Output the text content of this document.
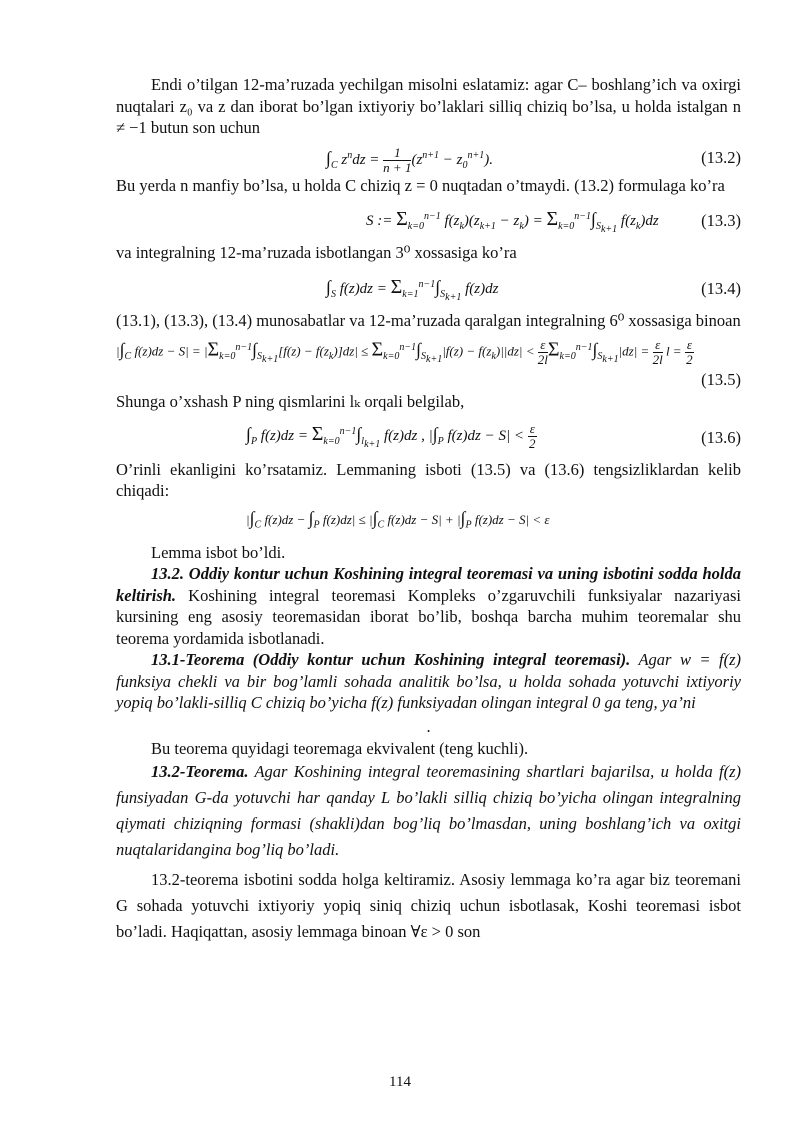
Endi o’tilgan 12-ma’ruzada yechilgan misolni eslatamiz: agar C– boshlang’ich va oxirgi nuqtalari z₀ va z dan iborat bo’lgan ixtiyoriy bo’laklari silliq chiziq bo’lsa, u holda istalgan n ≠ −1 butun son uchun

$\int_C$ $z^ndz = \frac{1}{n + 1} (z^{n+1} - z_0^{n+1})$.	(13.2)

Bu yerda n manfiy bo’lsa, u holda C chiziq z = 0 nuqtadan o’tmaydi. (13.2) formulaga ko’ra

S := $\Sigma_{k=0}^{n-1}$ $f(z_k)(z_{k+1} - z_k) = \Sigma_{k=0}^{n-1}\int_{S_{k+1}}$ $f(z_k)dz$	(13.3)

va integralning 12-ma’ruzada isbotlangan 3⁰ xossasiga ko’ra

$\int_S$ $f(z)dz = \Sigma_{k=1}^{n-1}\int_{S_{k+1}}$ f(z)dz	(13.4)

(13.1), (13.3), (13.4) munosabatlar va 12-ma’ruzada qaralgan integralning 6⁰ xossasiga binoan

$|\int_C$ $f(z)dz - S| = |\Sigma_{k=0}^{n-1}\int_{S_{k+1}}[f(z) - f(z_k)]dz| \le \Sigma_{k=0}^{n-1}\int_{S_{k+1}}|f(z) - f(z_k)||dz| < \frac{\varepsilon}{2l} \Sigma_{k=0}^{n-1}\int_{S_{k+1}}|dz| = \frac{\varepsilon}{2l}$ $l = \frac{\varepsilon}{2}$
(13.5)

Shunga o’xshash P ning qismlarini lₖ orqali belgilab,

$\int_P$ $f(z)dz = \Sigma_{k=0}^{n-1}\int_{l_{k+1}}$ f(z)dz , $|\int_P$ $f(z)dz - S| < \frac{\varepsilon}{2}$	(13.6)

O’rinli ekanligini ko’rsatamiz. Lemmaning isboti (13.5) va (13.6) tengsizliklardan kelib chiqadi:

$|\int_C$ $f(z)dz - \int_P$ $f(z)dz| \le |\int_C$ $f(z)dz - S| + |\int_P$ f(z)dz − S| < ε

Lemma isbot bo’ldi.

13.2. Oddiy kontur uchun Koshining integral teoremasi va uning isbotini sodda holda keltirish. Koshining integral teoremasi Kompleks o’zgaruvchili funksiyalar nazariyasi kursining eng asosiy teoremasidan iborat bo’lib, boshqa barcha muhim teoremalar shu teorema yordamida isbotlanadi.

13.1-Teorema (Oddiy kontur uchun Koshining integral teoremasi). Agar w = f(z) funksiya chekli va bir bog’lamli sohada analitik bo’lsa, u holda sohada yotuvchi ixtiyoriy yopiq bo’lakli-silliq C chiziq bo’yicha f(z) funksiyadan olingan integral 0 ga teng, ya’ni

.

Bu teorema quyidagi teoremaga ekvivalent (teng kuchli).

13.2-Teorema. Agar Koshining integral teoremasining shartlari bajarilsa, u holda f(z) funsiyadan G-da yotuvchi har qanday L bo’lakli silliq chiziq bo’yicha olingan integralning qiymati chiziqning formasi (shakli)dan bog’liq bo’lmasdan, uning boshlang’ich va oxitgi nuqtalaridangina bog’liq bo’ladi.

13.2-teorema isbotini sodda holga keltiramiz. Asosiy lemmaga ko’ra agar biz teoremani G sohada yotuvchi ixtiyoriy yopiq siniq chiziq uchun isbotlasak, Koshi teoremasi isbot bo’ladi. Haqiqattan, asosiy lemmaga binoan ∀ε > 0 son

114
